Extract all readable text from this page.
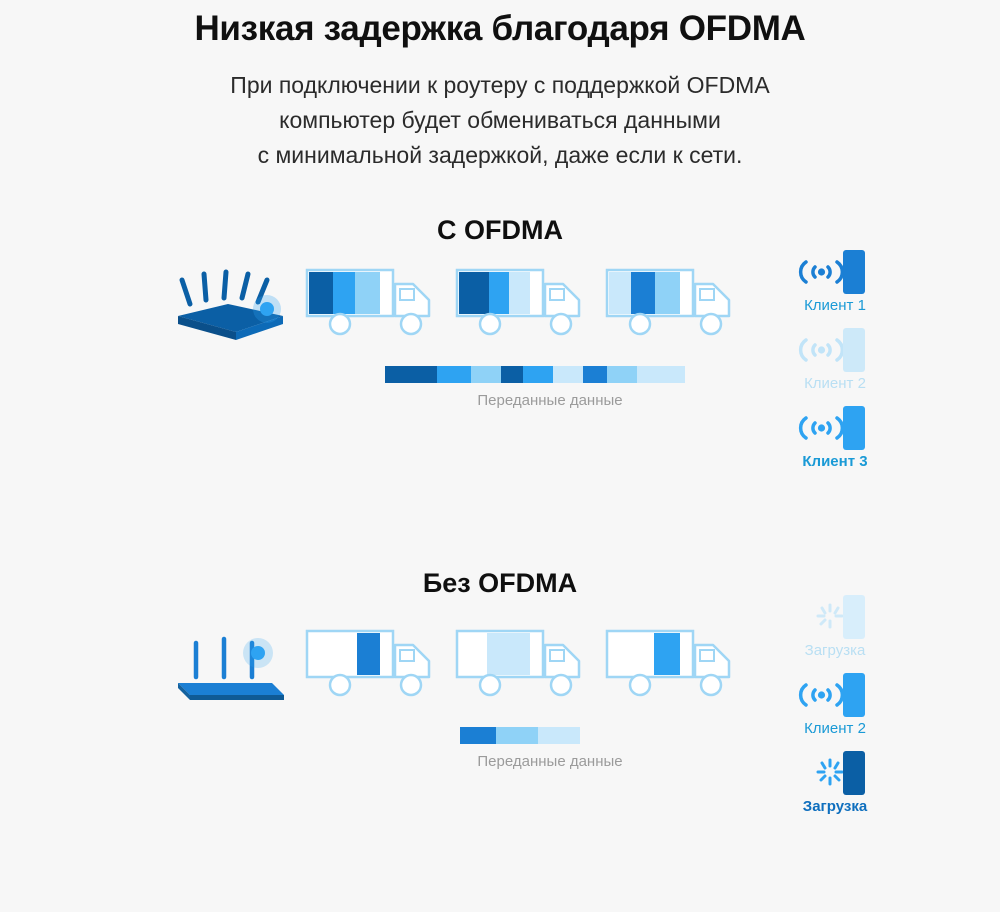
Низкая задержка благодаря OFDMA
При подключении к роутеру с поддержкой OFDMA
компьютер будет обмениваться данными
с минимальной задержкой, даже если к сети.
С OFDMA
Переданные данные
Клиент 1
Клиент 2
Клиент 3
Без OFDMA
Переданные данные
Загрузка
Клиент 2
Загрузка
